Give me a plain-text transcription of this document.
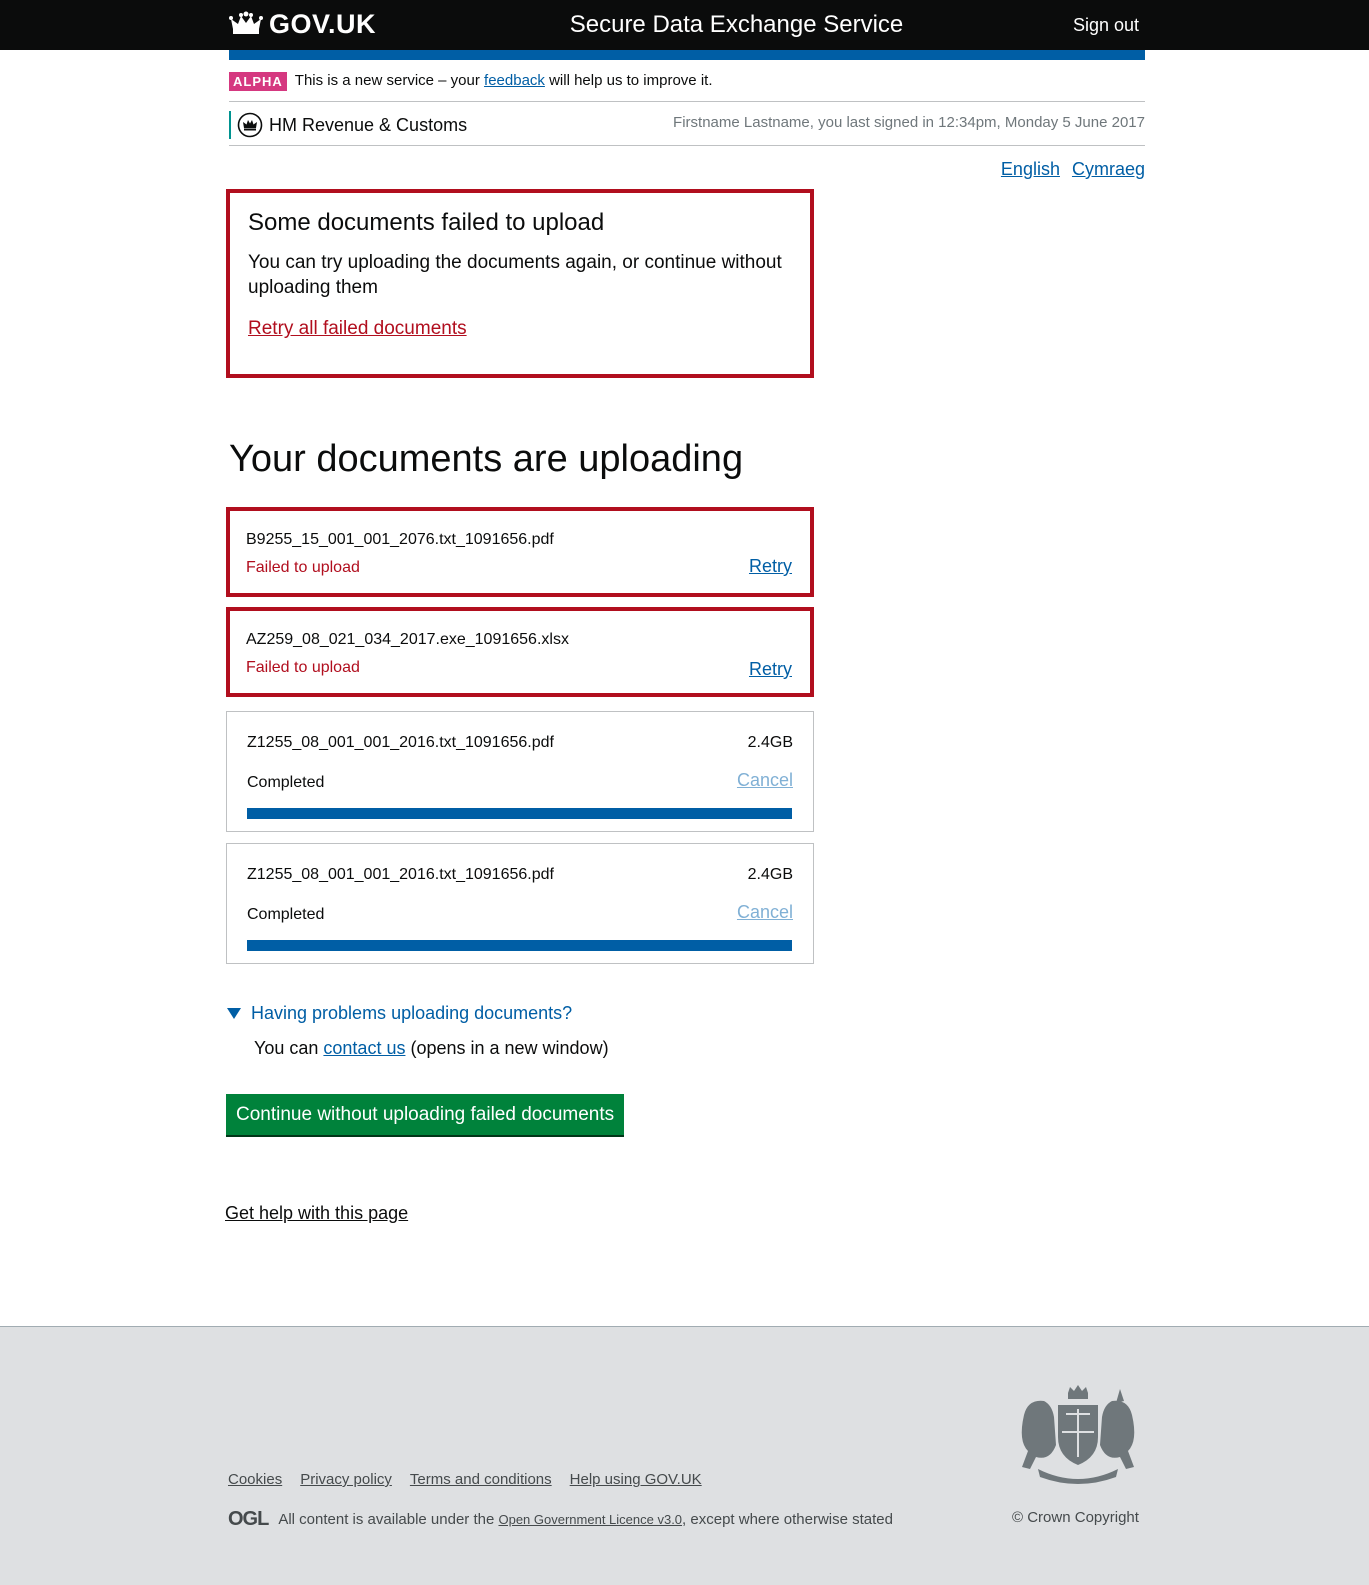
GOV.UK	Secure Data Exchange Service	Sign out
ALPHA This is a new service – your feedback will help us to improve it.
HM Revenue & Customs	Firstname Lastname, you last signed in 12:34pm, Monday 5 June 2017
English Cymraeg
Some documents failed to upload
You can try uploading the documents again, or continue without uploading them
Retry all failed documents
Your documents are uploading
B9255_15_001_001_2076.txt_1091656.pdf
Failed to upload	Retry
AZ259_08_021_034_2017.exe_1091656.xlsx
Failed to upload	Retry
Z1255_08_001_001_2016.txt_1091656.pdf	2.4GB
Completed	Cancel
Z1255_08_001_001_2016.txt_1091656.pdf	2.4GB
Completed	Cancel
Having problems uploading documents?
You can contact us (opens in a new window)
Continue without uploading failed documents
Get help with this page
Cookies Privacy policy Terms and conditions Help using GOV.UK
OGL All content is available under the Open Government Licence v3.0, except where otherwise stated	© Crown Copyright
